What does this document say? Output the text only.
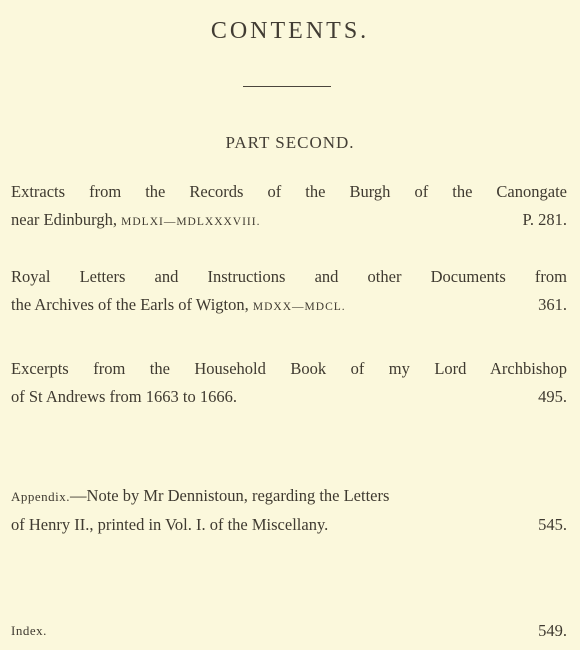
CONTENTS.
PART SECOND.
Extracts from the Records of the Burgh of the Canongate
near Edinburgh, MDLXI—MDLXXXVIII.	P. 281.
Royal Letters and Instructions and other Documents from
the Archives of the Earls of Wigton, MDXX—MDCL.	361.
Excerpts from the Household Book of my Lord Archbishop
of St Andrews from 1663 to 1666.	495.
Appendix.—Note by Mr Dennistoun, regarding the Letters
of Henry II., printed in Vol. I. of the Miscellany.	545.
Index.	549.
